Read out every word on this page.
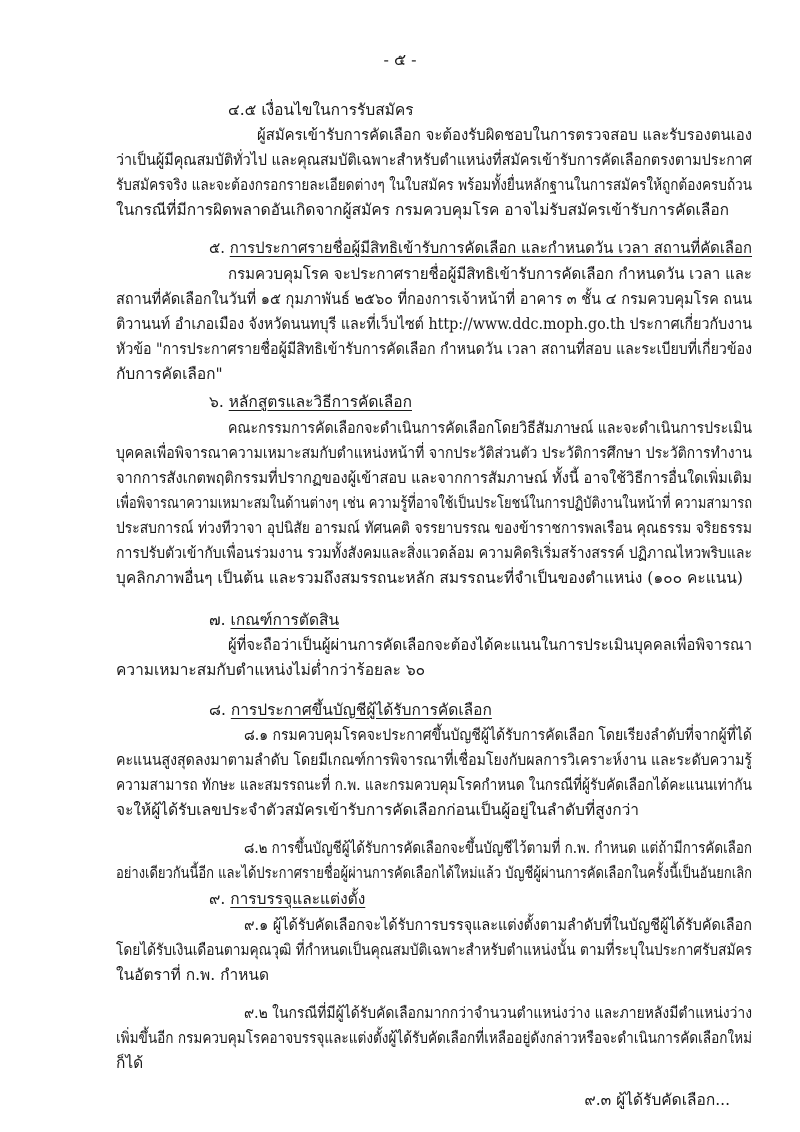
- ๕ -
๔.๕ เงื่อนไขในการรับสมัคร
ผู้สมัครเข้ารับการคัดเลือก จะต้องรับผิดชอบในการตรวจสอบ และรับรองตนเอง
ว่าเป็นผู้มีคุณสมบัติทั่วไป และคุณสมบัติเฉพาะสำหรับตำแหน่งที่สมัครเข้ารับการคัดเลือกตรงตามประกาศ
รับสมัครจริง และจะต้องกรอกรายละเอียดต่างๆ ในใบสมัคร พร้อมทั้งยื่นหลักฐานในการสมัครให้ถูกต้องครบถ้วน
ในกรณีที่มีการผิดพลาดอันเกิดจากผู้สมัคร กรมควบคุมโรค อาจไม่รับสมัครเข้ารับการคัดเลือก
๕. การประกาศรายชื่อผู้มีสิทธิเข้ารับการคัดเลือก และกำหนดวัน เวลา สถานที่คัดเลือก
กรมควบคุมโรค จะประกาศรายชื่อผู้มีสิทธิเข้ารับการคัดเลือก กำหนดวัน เวลา และ
สถานที่คัดเลือกในวันที่ ๑๕ กุมภาพันธ์ ๒๕๖๐ ที่กองการเจ้าหน้าที่ อาคาร ๓ ชั้น ๔ กรมควบคุมโรค ถนน
ติวานนท์ อำเภอเมือง จังหวัดนนทบุรี และที่เว็บไซต์ http://www.ddc.moph.go.th ประกาศเกี่ยวกับงาน
หัวข้อ "การประกาศรายชื่อผู้มีสิทธิเข้ารับการคัดเลือก กำหนดวัน เวลา สถานที่สอบ และระเบียบที่เกี่ยวข้อง
กับการคัดเลือก"
๖. หลักสูตรและวิธีการคัดเลือก
คณะกรรมการคัดเลือกจะดำเนินการคัดเลือกโดยวิธีสัมภาษณ์ และจะดำเนินการประเมิน
บุคคลเพื่อพิจารณาความเหมาะสมกับตำแหน่งหน้าที่ จากประวัติส่วนตัว ประวัติการศึกษา ประวัติการทำงาน
จากการสังเกตพฤติกรรมที่ปรากฏของผู้เข้าสอบ และจากการสัมภาษณ์ ทั้งนี้ อาจใช้วิธีการอื่นใดเพิ่มเติม
เพื่อพิจารณาความเหมาะสมในด้านต่างๆ เช่น ความรู้ที่อาจใช้เป็นประโยชน์ในการปฏิบัติงานในหน้าที่ ความสามารถ
ประสบการณ์ ท่วงทีวาจา อุปนิสัย อารมณ์ ทัศนคติ จรรยาบรรณ ของข้าราชการพลเรือน คุณธรรม จริยธรรม
การปรับตัวเข้ากับเพื่อนร่วมงาน รวมทั้งสังคมและสิ่งแวดล้อม ความคิดริเริ่มสร้างสรรค์ ปฏิภาณไหวพริบและ
บุคลิกภาพอื่นๆ เป็นต้น และรวมถึงสมรรถนะหลัก สมรรถนะที่จำเป็นของตำแหน่ง (๑๐๐ คะแนน)
๗. เกณฑ์การตัดสิน
ผู้ที่จะถือว่าเป็นผู้ผ่านการคัดเลือกจะต้องได้คะแนนในการประเมินบุคคลเพื่อพิจารณา
ความเหมาะสมกับตำแหน่งไม่ต่ำกว่าร้อยละ ๖๐
๘. การประกาศขึ้นบัญชีผู้ได้รับการคัดเลือก
๘.๑ กรมควบคุมโรคจะประกาศขึ้นบัญชีผู้ได้รับการคัดเลือก โดยเรียงลำดับที่จากผู้ที่ได้
คะแนนสูงสุดลงมาตามลำดับ โดยมีเกณฑ์การพิจารณาที่เชื่อมโยงกับผลการวิเคราะห์งาน และระดับความรู้
ความสามารถ ทักษะ และสมรรถนะที่ ก.พ. และกรมควบคุมโรคกำหนด ในกรณีที่ผู้รับคัดเลือกได้คะแนนเท่ากัน
จะให้ผู้ได้รับเลขประจำตัวสมัครเข้ารับการคัดเลือกก่อนเป็นผู้อยู่ในลำดับที่สูงกว่า
๘.๒ การขึ้นบัญชีผู้ได้รับการคัดเลือกจะขึ้นบัญชีไว้ตามที่ ก.พ. กำหนด แต่ถ้ามีการคัดเลือก
อย่างเดียวกันนี้อีก และได้ประกาศรายชื่อผู้ผ่านการคัดเลือกได้ใหม่แล้ว บัญชีผู้ผ่านการคัดเลือกในครั้งนี้เป็นอันยกเลิก
๙. การบรรจุและแต่งตั้ง
๙.๑ ผู้ได้รับคัดเลือกจะได้รับการบรรจุและแต่งตั้งตามลำดับที่ในบัญชีผู้ได้รับคัดเลือก
โดยได้รับเงินเดือนตามคุณวุฒิ ที่กำหนดเป็นคุณสมบัติเฉพาะสำหรับตำแหน่งนั้น ตามที่ระบุในประกาศรับสมัคร
ในอัตราที่ ก.พ. กำหนด
๙.๒ ในกรณีที่มีผู้ได้รับคัดเลือกมากกว่าจำนวนตำแหน่งว่าง และภายหลังมีตำแหน่งว่าง
เพิ่มขึ้นอีก กรมควบคุมโรคอาจบรรจุและแต่งตั้งผู้ได้รับคัดเลือกที่เหลืออยู่ดังกล่าวหรือจะดำเนินการคัดเลือกใหม่
ก็ได้
๙.๓ ผู้ได้รับคัดเลือก...
